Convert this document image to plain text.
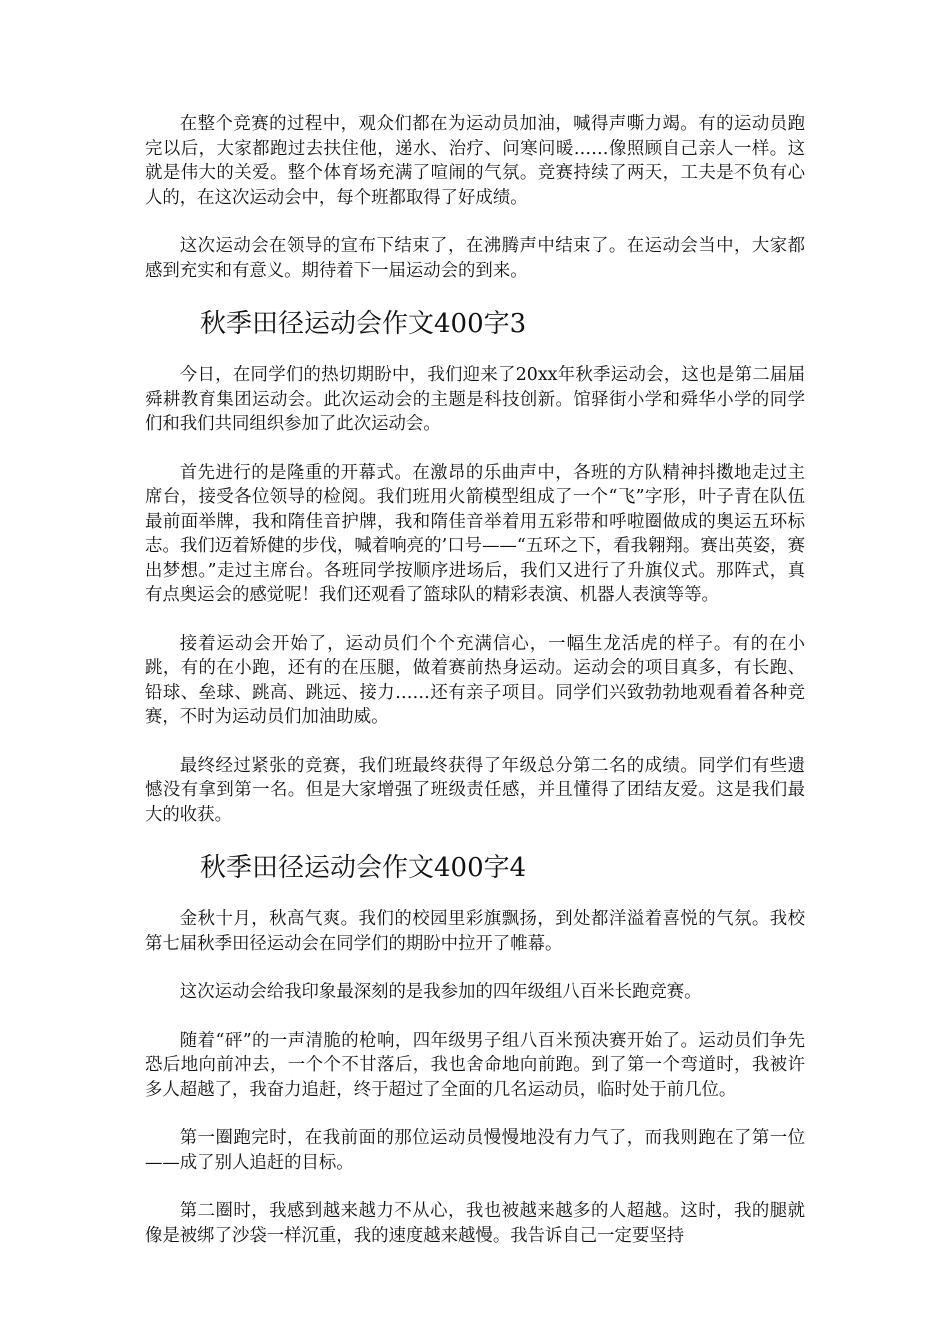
在整个竞赛的过程中，观众们都在为运动员加油，喊得声嘶力竭。有的运动员跑完以后，大家都跑过去扶住他，递水、治疗、问寒问暖……像照顾自己亲人一样。这就是伟大的关爱。整个体育场充满了喧闹的气氛。竞赛持续了两天，工夫是不负有心人的，在这次运动会中，每个班都取得了好成绩。

这次运动会在领导的宣布下结束了，在沸腾声中结束了。在运动会当中，大家都感到充实和有意义。期待着下一届运动会的到来。

秋季田径运动会作文400字3

今日，在同学们的热切期盼中，我们迎来了20xx年秋季运动会，这也是第二届届舜耕教育集团运动会。此次运动会的主题是科技创新。馆驿街小学和舜华小学的同学们和我们共同组织参加了此次运动会。

首先进行的是隆重的开幕式。在激昂的乐曲声中，各班的方队精神抖擞地走过主席台，接受各位领导的检阅。我们班用火箭模型组成了一个“飞”字形，叶子青在队伍最前面举牌，我和隋佳音护牌，我和隋佳音举着用五彩带和呼啦圈做成的奥运五环标志。我们迈着矫健的步伐，喊着响亮的’口号——“五环之下，看我翱翔。赛出英姿，赛出梦想。”走过主席台。各班同学按顺序进场后，我们又进行了升旗仪式。那阵式，真有点奥运会的感觉呢！我们还观看了篮球队的精彩表演、机器人表演等等。

接着运动会开始了，运动员们个个充满信心，一幅生龙活虎的样子。有的在小跳，有的在小跑，还有的在压腿，做着赛前热身运动。运动会的项目真多，有长跑、铅球、垒球、跳高、跳远、接力……还有亲子项目。同学们兴致勃勃地观看着各种竞赛，不时为运动员们加油助威。

最终经过紧张的竞赛，我们班最终获得了年级总分第二名的成绩。同学们有些遗憾没有拿到第一名。但是大家增强了班级责任感，并且懂得了团结友爱。这是我们最大的收获。

秋季田径运动会作文400字4

金秋十月，秋高气爽。我们的校园里彩旗飘扬，到处都洋溢着喜悦的气氛。我校第七届秋季田径运动会在同学们的期盼中拉开了帷幕。

这次运动会给我印象最深刻的是我参加的四年级组八百米长跑竞赛。

随着“砰”的一声清脆的枪响，四年级男子组八百米预决赛开始了。运动员们争先恐后地向前冲去，一个个不甘落后，我也舍命地向前跑。到了第一个弯道时，我被许多人超越了，我奋力追赶，终于超过了全面的几名运动员，临时处于前几位。

第一圈跑完时，在我前面的那位运动员慢慢地没有力气了，而我则跑在了第一位——成了别人追赶的目标。

第二圈时，我感到越来越力不从心，我也被越来越多的人超越。这时，我的腿就像是被绑了沙袋一样沉重，我的速度越来越慢。我告诉自己一定要坚持
